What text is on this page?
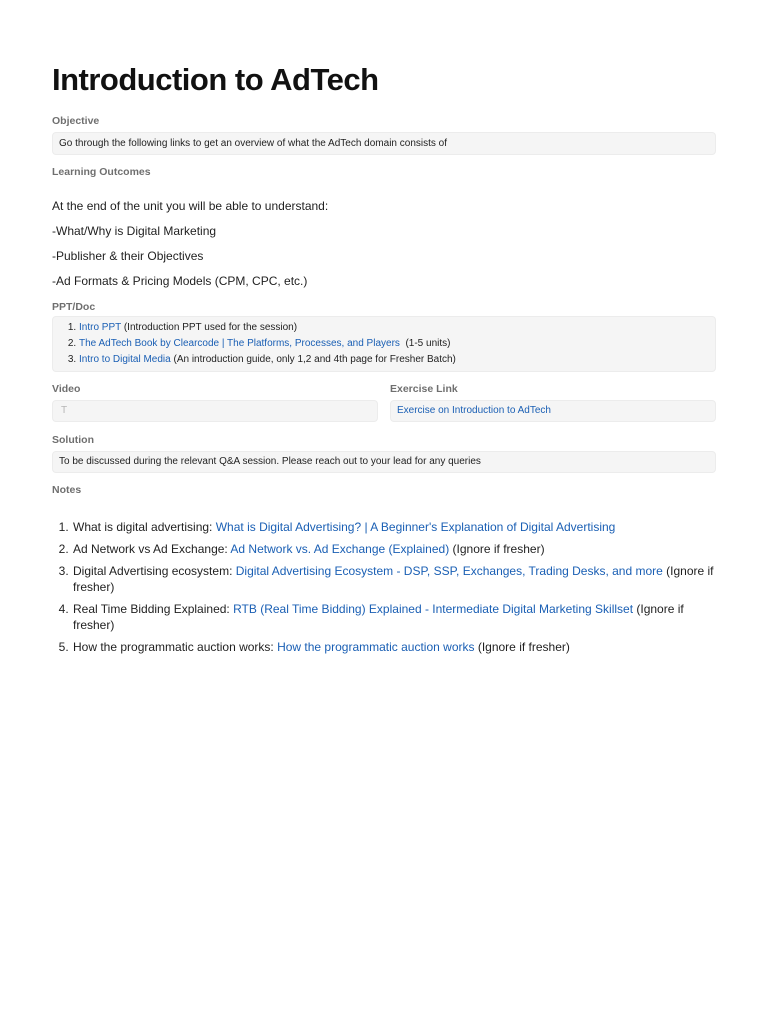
Introduction to AdTech
Objective
Go through the following links to get an overview of what the AdTech domain consists of
Learning Outcomes

At the end of the unit you will be able to understand:

-What/Why is Digital Marketing

-Publisher & their Objectives

-Ad Formats & Pricing Models (CPM, CPC, etc.)

PPT/Doc
1. Intro PPT (Introduction PPT used for the session)
2. The AdTech Book by Clearcode | The Platforms, Processes, and Players  (1-5 units)
3. Intro to Digital Media (An introduction guide, only 1,2 and 4th page for Fresher Batch)
Video
T
Exercise Link
Exercise on Introduction to AdTech
Solution
To be discussed during the relevant Q&A session. Please reach out to your lead for any queries
Notes
1. What is digital advertising: What is Digital Advertising? | A Beginner's Explanation of Digital Advertising
2. Ad Network vs Ad Exchange: Ad Network vs. Ad Exchange (Explained) (Ignore if fresher)
3. Digital Advertising ecosystem: Digital Advertising Ecosystem - DSP, SSP, Exchanges, Trading Desks, and more (Ignore if fresher)
4. Real Time Bidding Explained: RTB (Real Time Bidding) Explained - Intermediate Digital Marketing Skillset (Ignore if fresher)
5. How the programmatic auction works: How the programmatic auction works (Ignore if fresher)
